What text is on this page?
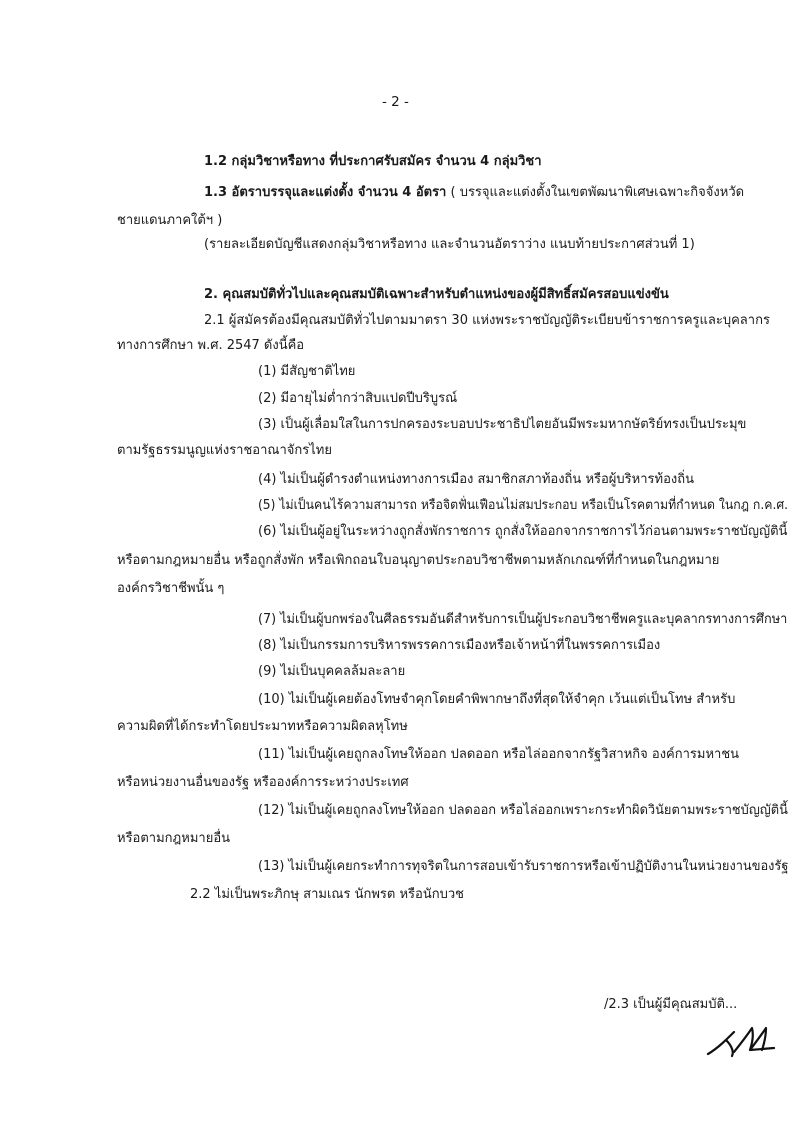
- 2 -
1.2 กลุ่มวิชาหรือทาง ที่ประกาศรับสมัคร จำนวน 4 กลุ่มวิชา
1.3 อัตราบรรจุและแต่งตั้ง จำนวน 4 อัตรา ( บรรจุและแต่งตั้งในเขตพัฒนาพิเศษเฉพาะกิจจังหวัด
ชายแดนภาคใต้ฯ )
(รายละเอียดบัญชีแสดงกลุ่มวิชาหรือทาง และจำนวนอัตราว่าง แนบท้ายประกาศส่วนที่ 1)
2. คุณสมบัติทั่วไปและคุณสมบัติเฉพาะสำหรับตำแหน่งของผู้มีสิทธิ์สมัครสอบแข่งขัน
2.1 ผู้สมัครต้องมีคุณสมบัติทั่วไปตามมาตรา 30 แห่งพระราชบัญญัติระเบียบข้าราชการครูและบุคลากร
ทางการศึกษา พ.ศ. 2547 ดังนี้คือ
(1) มีสัญชาติไทย
(2) มีอายุไม่ต่ำกว่าสิบแปดปีบริบูรณ์
(3) เป็นผู้เลื่อมใสในการปกครองระบอบประชาธิปไตยอันมีพระมหากษัตริย์ทรงเป็นประมุข
ตามรัฐธรรมนูญแห่งราชอาณาจักรไทย
(4) ไม่เป็นผู้ดำรงตำแหน่งทางการเมือง สมาชิกสภาท้องถิ่น หรือผู้บริหารท้องถิ่น
(5) ไม่เป็นคนไร้ความสามารถ หรือจิตฟั่นเฟือนไม่สมประกอบ หรือเป็นโรคตามที่กำหนด ในกฎ ก.ค.ศ.
(6) ไม่เป็นผู้อยู่ในระหว่างถูกสั่งพักราชการ ถูกสั่งให้ออกจากราชการไว้ก่อนตามพระราชบัญญัตินี้
หรือตามกฎหมายอื่น หรือถูกสั่งพัก หรือเพิกถอนใบอนุญาตประกอบวิชาชีพตามหลักเกณฑ์ที่กำหนดในกฎหมาย
องค์กรวิชาชีพนั้น ๆ
(7) ไม่เป็นผู้บกพร่องในศีลธรรมอันดีสำหรับการเป็นผู้ประกอบวิชาชีพครูและบุคลากรทางการศึกษา
(8) ไม่เป็นกรรมการบริหารพรรคการเมืองหรือเจ้าหน้าที่ในพรรคการเมือง
(9) ไม่เป็นบุคคลล้มละลาย
(10) ไม่เป็นผู้เคยต้องโทษจำคุกโดยคำพิพากษาถึงที่สุดให้จำคุก เว้นแต่เป็นโทษ สำหรับ
ความผิดที่ได้กระทำโดยประมาทหรือความผิดลหุโทษ
(11) ไม่เป็นผู้เคยถูกลงโทษให้ออก ปลดออก หรือไล่ออกจากรัฐวิสาหกิจ องค์การมหาชน
หรือหน่วยงานอื่นของรัฐ หรือองค์การระหว่างประเทศ
(12) ไม่เป็นผู้เคยถูกลงโทษให้ออก ปลดออก หรือไล่ออกเพราะกระทำผิดวินัยตามพระราชบัญญัตินี้
หรือตามกฎหมายอื่น
(13) ไม่เป็นผู้เคยกระทำการทุจริตในการสอบเข้ารับราชการหรือเข้าปฏิบัติงานในหน่วยงานของรัฐ
2.2 ไม่เป็นพระภิกษุ สามเณร นักพรต หรือนักบวช
/2.3 เป็นผู้มีคุณสมบัติ...
